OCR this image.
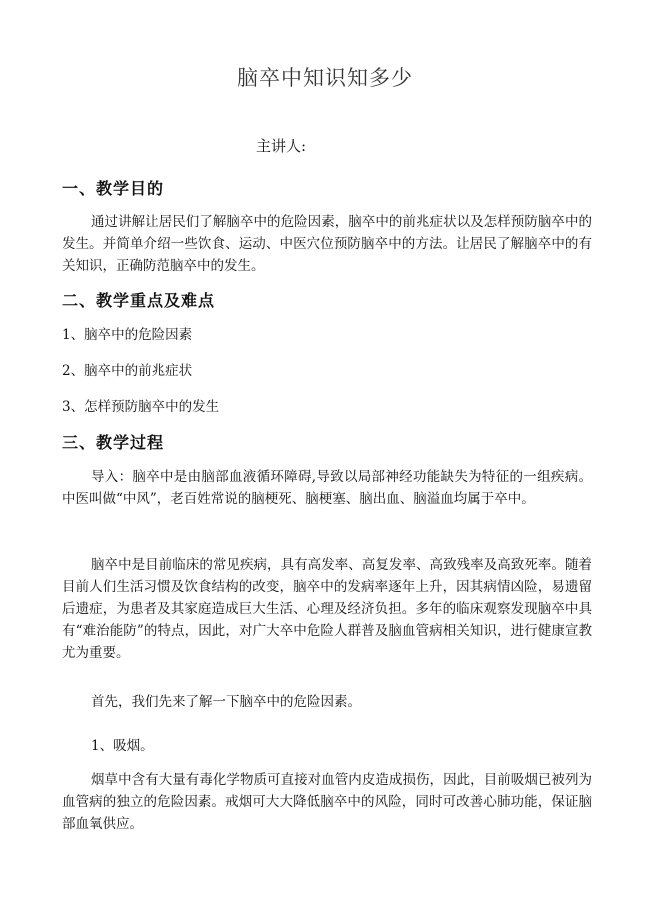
脑卒中知识知多少
主讲人:
一、教学目的

通过讲解让居民们了解脑卒中的危险因素，脑卒中的前兆症状以及怎样预防脑卒中的发生。并简单介绍一些饮食、运动、中医穴位预防脑卒中的方法。让居民了解脑卒中的有关知识，正确防范脑卒中的发生。

二、教学重点及难点
1、脑卒中的危险因素
2、脑卒中的前兆症状
3、怎样预防脑卒中的发生
三、教学过程

导入：脑卒中是由脑部血液循环障碍,导致以局部神经功能缺失为特征的一组疾病。中医叫做“中风”，老百姓常说的脑梗死、脑梗塞、脑出血、脑溢血均属于卒中。

脑卒中是目前临床的常见疾病，具有高发率、高复发率、高致残率及高致死率。随着目前人们生活习惯及饮食结构的改变，脑卒中的发病率逐年上升，因其病情凶险，易遗留后遗症，为患者及其家庭造成巨大生活、心理及经济负担。多年的临床观察发现脑卒中具有“难治能防”的特点，因此，对广大卒中危险人群普及脑血管病相关知识，进行健康宣教尤为重要。

首先，我们先来了解一下脑卒中的危险因素。

1、吸烟。

烟草中含有大量有毒化学物质可直接对血管内皮造成损伤，因此，目前吸烟已被列为血管病的独立的危险因素。戒烟可大大降低脑卒中的风险，同时可改善心肺功能，保证脑部血氧供应。
